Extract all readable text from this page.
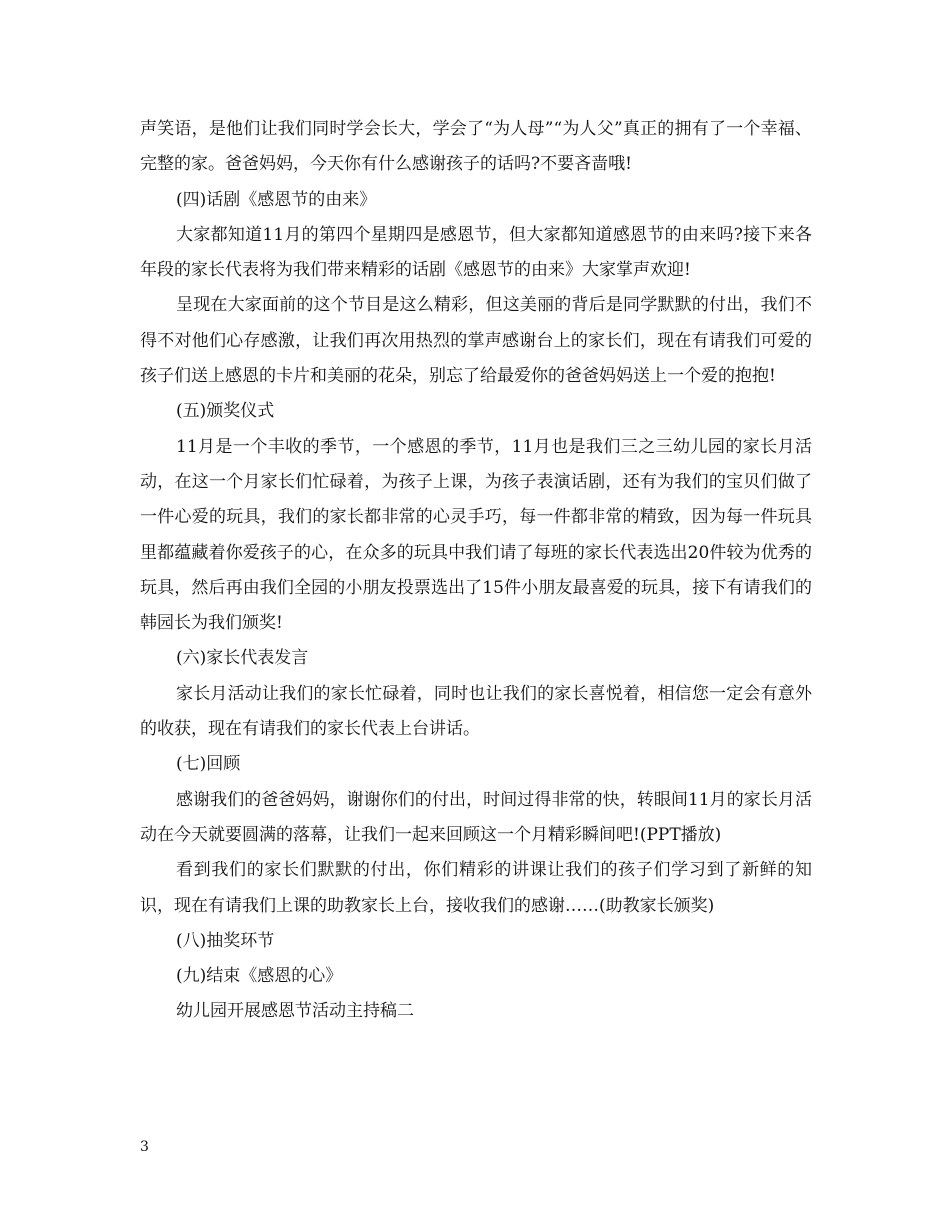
声笑语，是他们让我们同时学会长大，学会了“为人母”“为人父”真正的拥有了一个幸福、完整的家。爸爸妈妈，今天你有什么感谢孩子的话吗?不要吝啬哦!

(四)话剧《感恩节的由来》

大家都知道11月的第四个星期四是感恩节，但大家都知道感恩节的由来吗?接下来各年段的家长代表将为我们带来精彩的话剧《感恩节的由来》大家掌声欢迎!

呈现在大家面前的这个节目是这么精彩，但这美丽的背后是同学默默的付出，我们不得不对他们心存感激，让我们再次用热烈的掌声感谢台上的家长们，现在有请我们可爱的孩子们送上感恩的卡片和美丽的花朵，别忘了给最爱你的爸爸妈妈送上一个爱的抱抱!

(五)颁奖仪式

11月是一个丰收的季节，一个感恩的季节，11月也是我们三之三幼儿园的家长月活动，在这一个月家长们忙碌着，为孩子上课，为孩子表演话剧，还有为我们的宝贝们做了一件心爱的玩具，我们的家长都非常的心灵手巧，每一件都非常的精致，因为每一件玩具里都蕴藏着你爱孩子的心，在众多的玩具中我们请了每班的家长代表选出20件较为优秀的玩具，然后再由我们全园的小朋友投票选出了15件小朋友最喜爱的玩具，接下有请我们的韩园长为我们颁奖!

(六)家长代表发言

家长月活动让我们的家长忙碌着，同时也让我们的家长喜悦着，相信您一定会有意外的收获，现在有请我们的家长代表上台讲话。

(七)回顾

感谢我们的爸爸妈妈，谢谢你们的付出，时间过得非常的快，转眼间11月的家长月活动在今天就要圆满的落幕，让我们一起来回顾这一个月精彩瞬间吧!(PPT播放)

看到我们的家长们默默的付出，你们精彩的讲课让我们的孩子们学习到了新鲜的知识，现在有请我们上课的助教家长上台，接收我们的感谢……(助教家长颁奖)

(八)抽奖环节

(九)结束《感恩的心》

幼儿园开展感恩节活动主持稿二

3
